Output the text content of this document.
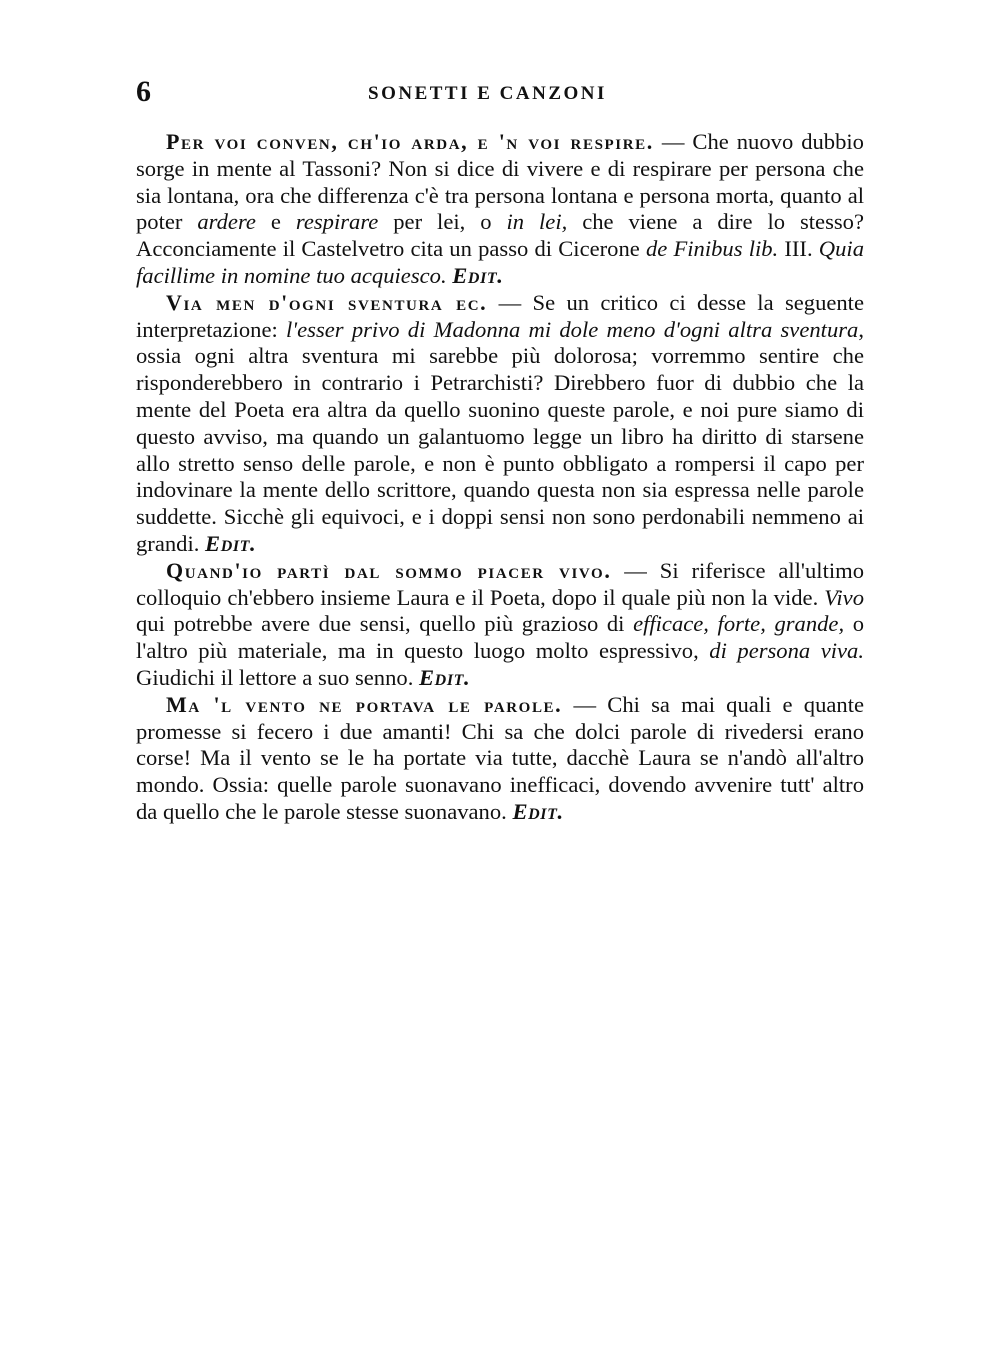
6	SONETTI E CANZONI

Per voi conven, ch'io arda, e 'n voi respire. — Che nuovo dubbio sorge in mente al Tassoni? Non si dice di vivere e di respirare per persona che sia lontana, ora che differenza c'è tra persona lontana e persona morta, quanto al poter ardere e respirare per lei, o in lei, che viene a dire lo stesso? Acconciamente il Castelvetro cita un passo di Cicerone de Finibus lib. III. Quia facillime in nomine tuo acquiesco. Edit.

Via men d'ogni sventura ec. — Se un critico ci desse la seguente interpretazione: l'esser privo di Madonna mi dole meno d'ogni altra sventura, ossia ogni altra sventura mi sarebbe più dolorosa; vorremmo sentire che risponderebbero in contrario i Petrarchisti? Direbbero fuor di dubbio che la mente del Poeta era altra da quello suonino queste parole, e noi pure siamo di questo avviso, ma quando un galantuomo legge un libro ha diritto di starsene allo stretto senso delle parole, e non è punto obbligato a rompersi il capo per indovinare la mente dello scrittore, quando questa non sia espressa nelle parole suddette. Sicchè gli equivoci, e i doppi sensi non sono perdonabili nemmeno ai grandi. Edit.

Quand'io partì dal sommo piacer vivo. — Si riferisce all'ultimo colloquio ch'ebbero insieme Laura e il Poeta, dopo il quale più non la vide. Vivo qui potrebbe avere due sensi, quello più grazioso di efficace, forte, grande, o l'altro più materiale, ma in questo luogo molto espressivo, di persona viva. Giudichi il lettore a suo senno. Edit.

Ma 'l vento ne portava le parole. — Chi sa mai quali e quante promesse si fecero i due amanti! Chi sa che dolci parole di rivedersi erano corse! Ma il vento se le ha portate via tutte, dacchè Laura se n'andò all'altro mondo. Ossia: quelle parole suonavano inefficaci, dovendo avvenire tutt' altro da quello che le parole stesse suonavano. Edit.
